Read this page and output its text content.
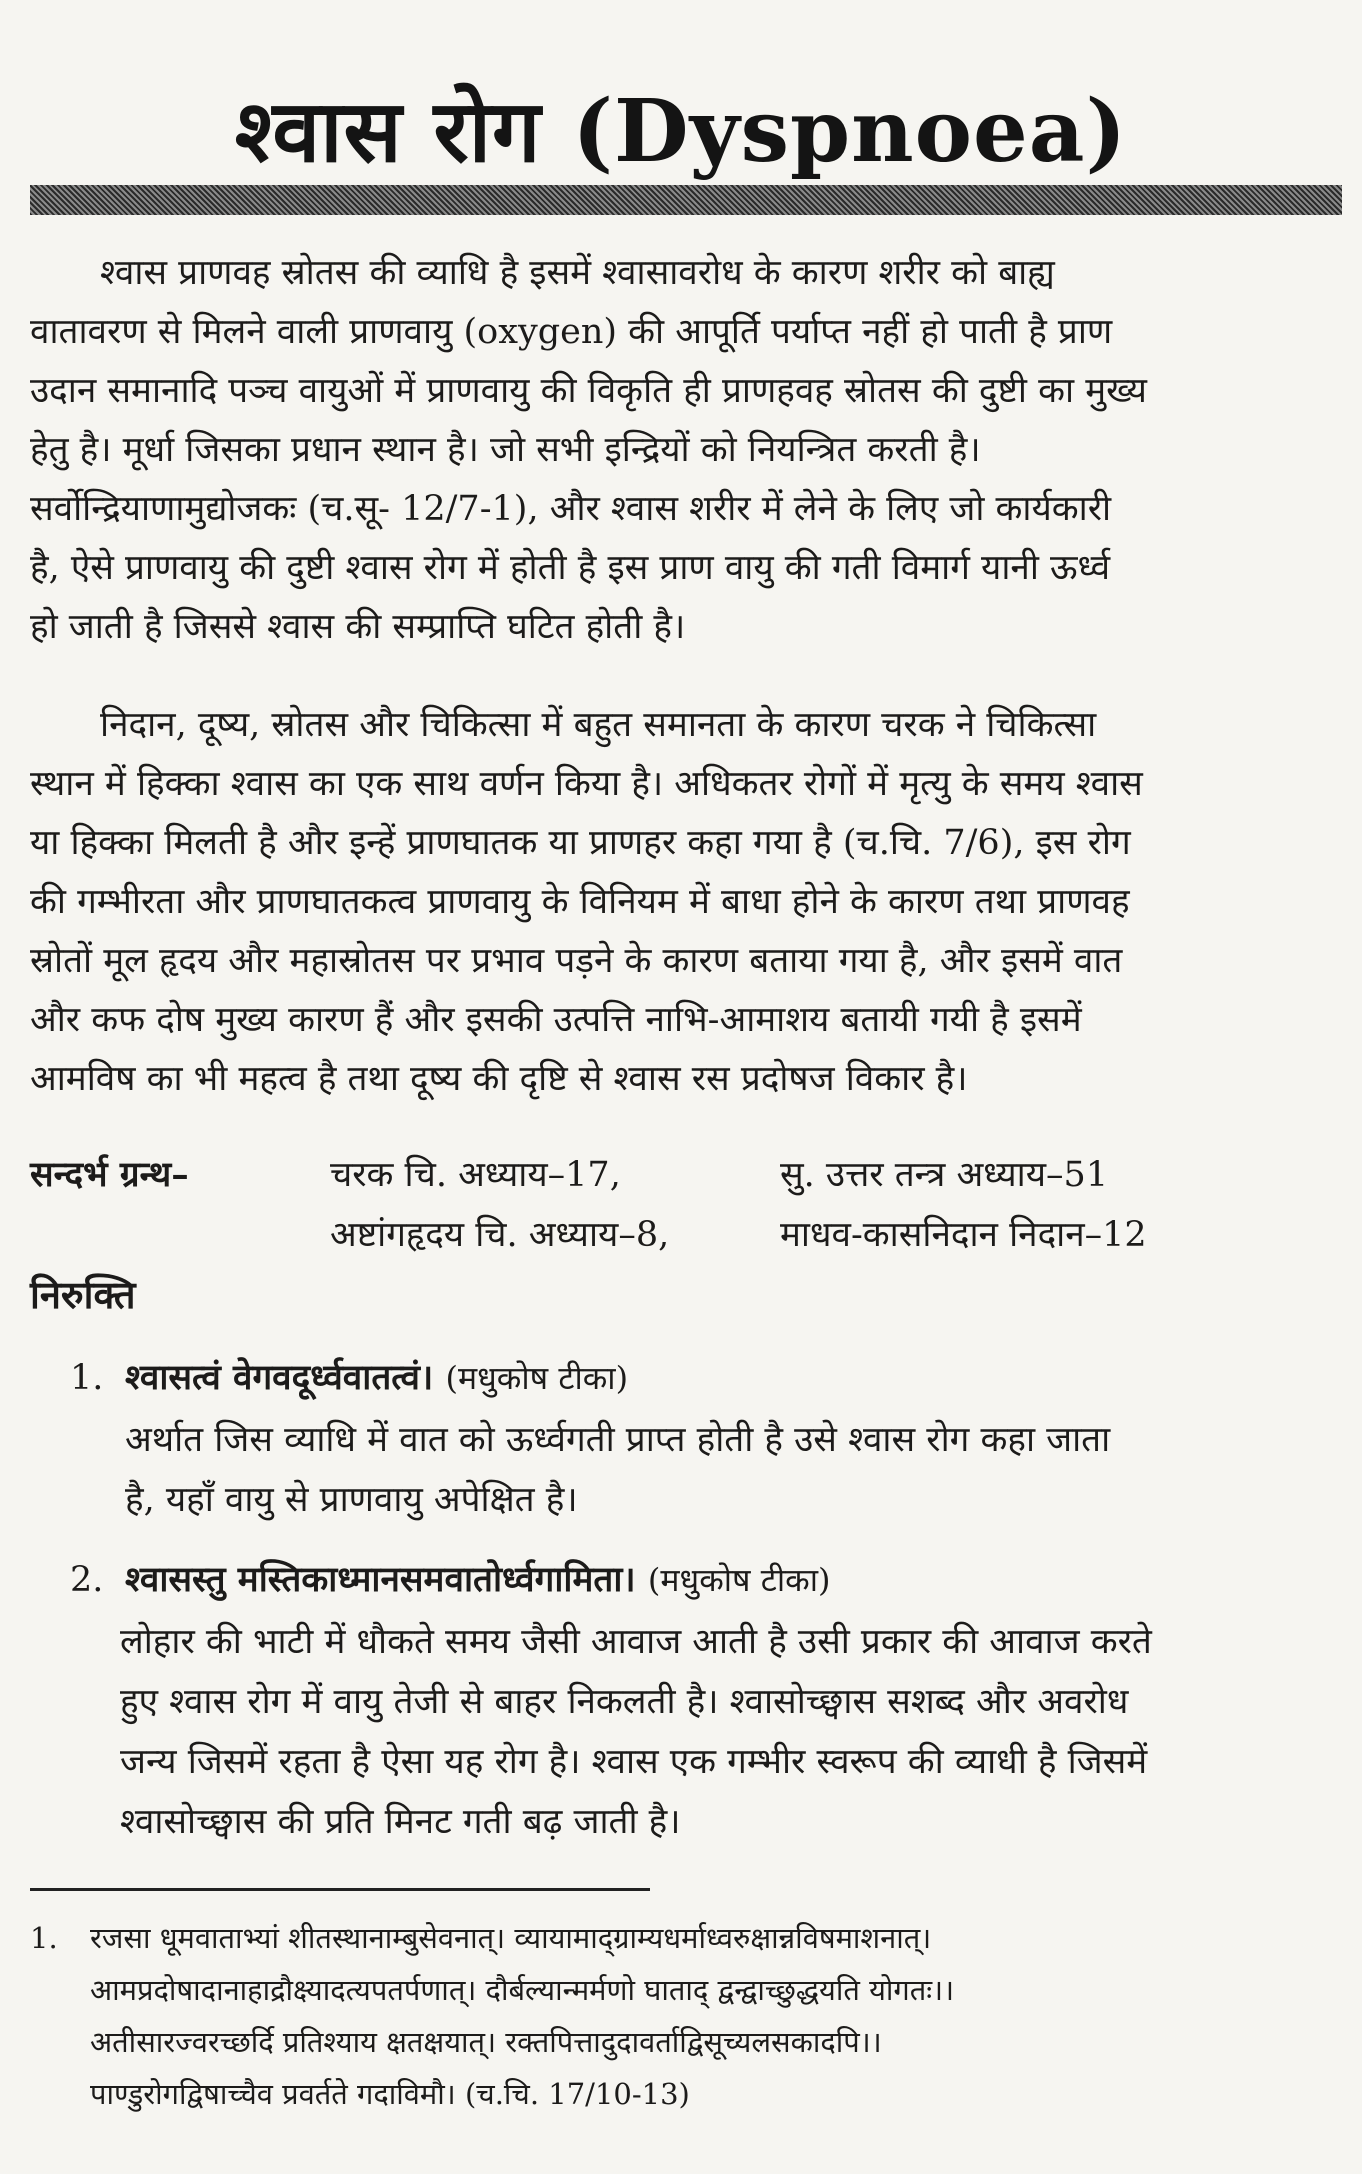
श्वास रोग (Dyspnoea)
श्वास प्राणवह स्रोतस की व्याधि है इसमें श्वासावरोध के कारण शरीर को बाह्य
वातावरण से मिलने वाली प्राणवायु (oxygen) की आपूर्ति पर्याप्त नहीं हो पाती है प्राण
उदान समानादि पञ्च वायुओं में प्राणवायु की विकृति ही प्राणहवह स्रोतस की दुष्टी का मुख्य
हेतु है। मूर्धा जिसका प्रधान स्थान है। जो सभी इन्द्रियों को नियन्त्रित करती है।
सर्वोन्द्रियाणामुद्योजकः (च.सू- 12/7-1), और श्वास शरीर में लेने के लिए जो कार्यकारी
है, ऐसे प्राणवायु की दुष्टी श्वास रोग में होती है इस प्राण वायु की गती विमार्ग यानी ऊर्ध्व
हो जाती है जिससे श्वास की सम्प्राप्ति घटित होती है।
निदान, दूष्य, स्रोतस और चिकित्सा में बहुत समानता के कारण चरक ने चिकित्सा
स्थान में हिक्का श्वास का एक साथ वर्णन किया है। अधिकतर रोगों में मृत्यु के समय श्वास
या हिक्का मिलती है और इन्हें प्राणघातक या प्राणहर कहा गया है (च.चि. 7/6), इस रोग
की गम्भीरता और प्राणघातकत्व प्राणवायु के विनियम में बाधा होने के कारण तथा प्राणवह
स्रोतों मूल हृदय और महास्रोतस पर प्रभाव पड़ने के कारण बताया गया है, और इसमें वात
और कफ दोष मुख्य कारण हैं और इसकी उत्पत्ति नाभि-आमाशय बतायी गयी है इसमें
आमविष का भी महत्व है तथा दूष्य की दृष्टि से श्वास रस प्रदोषज विकार है।
सन्दर्भ ग्रन्थ–	चरक चि. अध्याय–17,	सु. उत्तर तन्त्र अध्याय–51
अष्टांगहृदय चि. अध्याय–8,	माधव-कासनिदान निदान–12
निरुक्ति
1. श्वासत्वं वेगवदूर्ध्ववातत्वं। (मधुकोष टीका)
अर्थात जिस व्याधि में वात को ऊर्ध्वगती प्राप्त होती है उसे श्वास रोग कहा जाता
है, यहाँ वायु से प्राणवायु अपेक्षित है।
2. श्वासस्तु मस्तिकाध्मानसमवातोर्ध्वगामिता। (मधुकोष टीका)
लोहार की भाटी में धौकते समय जैसी आवाज आती है उसी प्रकार की आवाज करते
हुए श्वास रोग में वायु तेजी से बाहर निकलती है। श्वासोच्छ्वास सशब्द और अवरोध
जन्य जिसमें रहता है ऐसा यह रोग है। श्वास एक गम्भीर स्वरूप की व्याधी है जिसमें
श्वासोच्छ्वास की प्रति मिनट गती बढ़ जाती है।
1. रजसा धूमवाताभ्यां शीतस्थानाम्बुसेवनात्। व्यायामाद्ग्राम्यधर्माध्वरुक्षान्नविषमाशनात्।
आमप्रदोषादानाहाद्रौक्ष्यादत्यपतर्पणात्। दौर्बल्यान्मर्मणो घाताद् द्वन्द्वाच्छुद्धयति योगतः।।
अतीसारज्वरच्छर्दि प्रतिश्याय क्षतक्षयात्। रक्तपित्तादुदावर्ताद्विसूच्यलसकादपि।।
पाण्डुरोगद्विषाच्चैव प्रवर्तते गदाविमौ। (च.चि. 17/10-13)
